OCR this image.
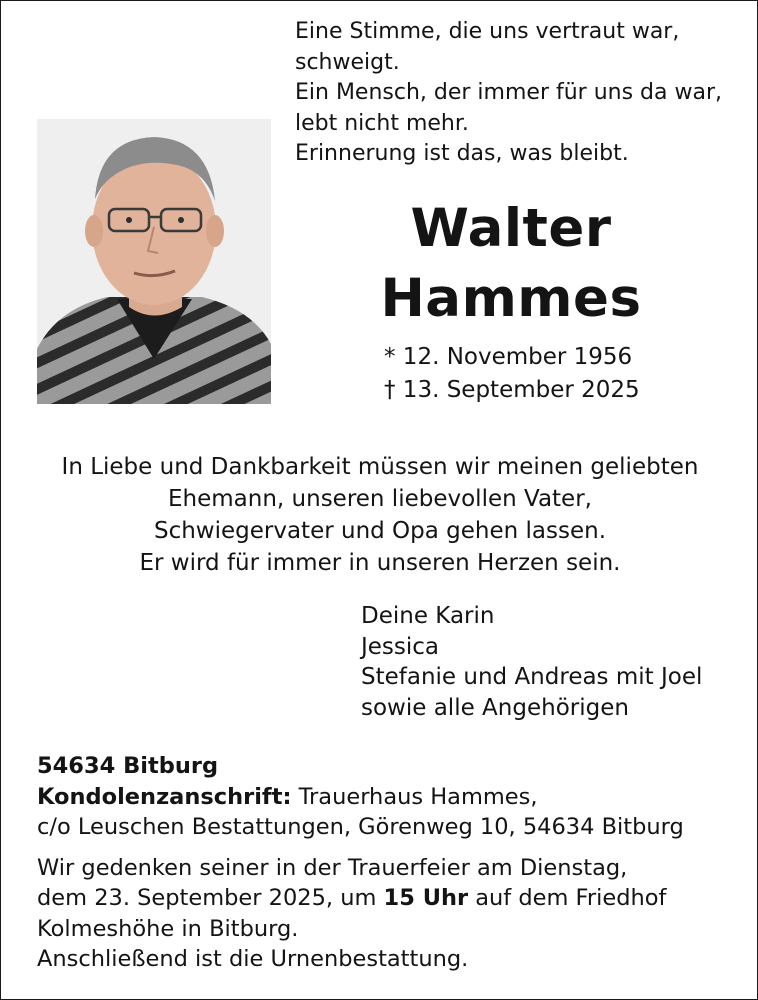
Eine Stimme, die uns vertraut war,
schweigt.
Ein Mensch, der immer für uns da war,
lebt nicht mehr.
Erinnerung ist das, was bleibt.
Walter
Hammes
* 12. November 1956
† 13. September 2025
In Liebe und Dankbarkeit müssen wir meinen geliebten
Ehemann, unseren liebevollen Vater,
Schwiegervater und Opa gehen lassen.
Er wird für immer in unseren Herzen sein.
Deine Karin
Jessica
Stefanie und Andreas mit Joel
sowie alle Angehörigen
54634 Bitburg
Kondolenzanschrift: Trauerhaus Hammes,
c/o Leuschen Bestattungen, Görenweg 10, 54634 Bitburg
Wir gedenken seiner in der Trauerfeier am Dienstag,
dem 23. September 2025, um 15 Uhr auf dem Friedhof
Kolmeshöhe in Bitburg.
Anschließend ist die Urnenbestattung.
